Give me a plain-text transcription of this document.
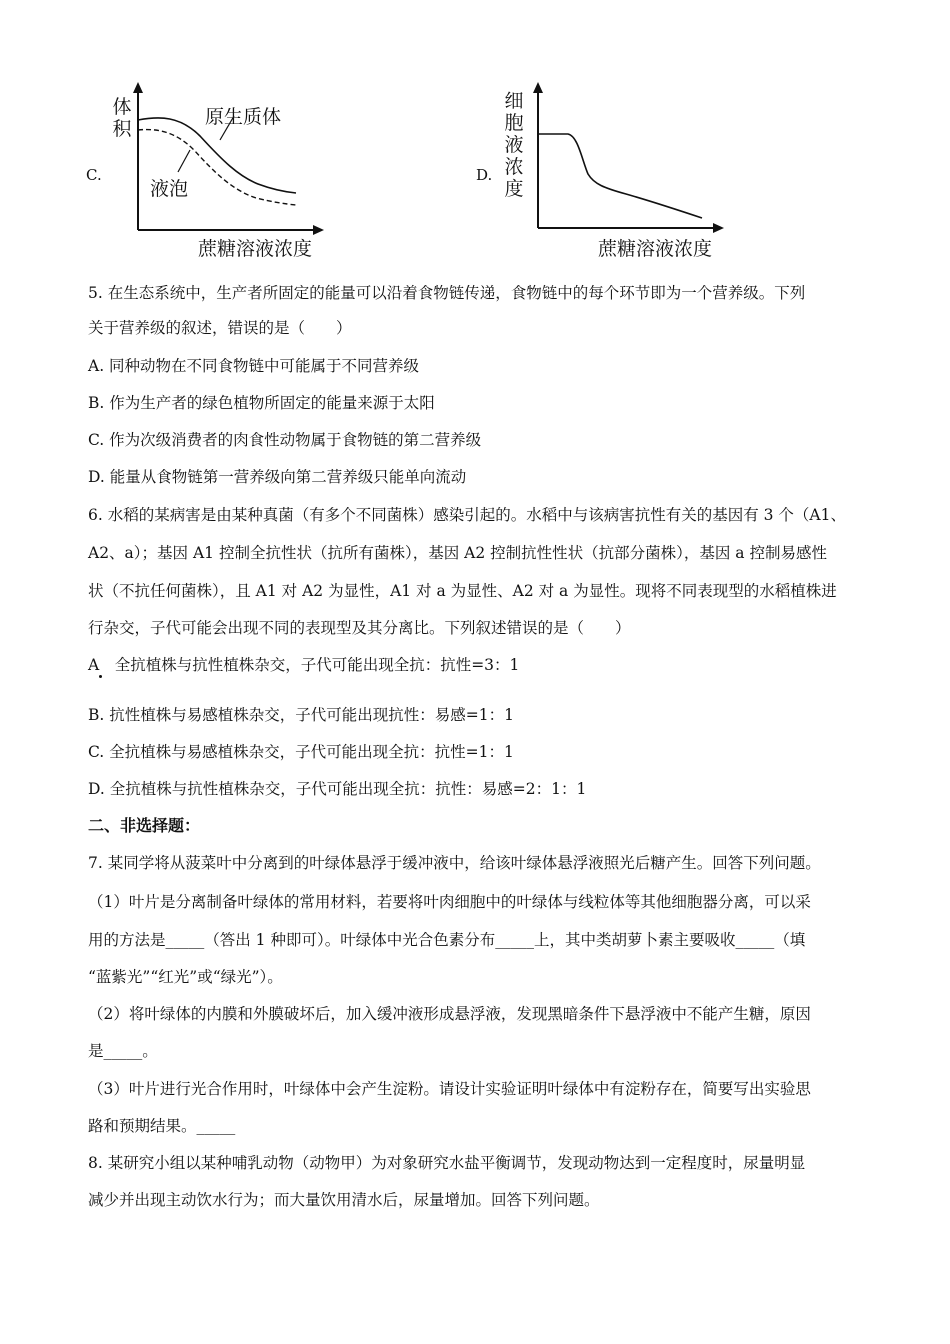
C.
体积
原生质体
液泡
蔗糖溶液浓度
D.
细胞液浓度
蔗糖溶液浓度
5. 在生态系统中，生产者所固定的能量可以沿着食物链传递，食物链中的每个环节即为一个营养级。下列
关于营养级的叙述，错误的是（　　）
A. 同种动物在不同食物链中可能属于不同营养级
B. 作为生产者的绿色植物所固定的能量来源于太阳
C. 作为次级消费者的肉食性动物属于食物链的第二营养级
D. 能量从食物链第一营养级向第二营养级只能单向流动
6. 水稻的某病害是由某种真菌（有多个不同菌株）感染引起的。水稻中与该病害抗性有关的基因有 3 个（A1、
A2、a）；基因 A1 控制全抗性状（抗所有菌株），基因 A2 控制抗性性状（抗部分菌株），基因 a 控制易感性
状（不抗任何菌株），且 A1 对 A2 为显性，A1 对 a 为显性、A2 对 a 为显性。现将不同表现型的水稻植株进
行杂交，子代可能会出现不同的表现型及其分离比。下列叙述错误的是（　　）
A　全抗植株与抗性植株杂交，子代可能出现全抗：抗性=3：1
B. 抗性植株与易感植株杂交，子代可能出现抗性：易感=1：1
C. 全抗植株与易感植株杂交，子代可能出现全抗：抗性=1：1
D. 全抗植株与抗性植株杂交，子代可能出现全抗：抗性：易感=2：1：1
二、非选择题：
7. 某同学将从菠菜叶中分离到的叶绿体悬浮于缓冲液中，给该叶绿体悬浮液照光后糖产生。回答下列问题。
（1）叶片是分离制备叶绿体的常用材料，若要将叶肉细胞中的叶绿体与线粒体等其他细胞器分离，可以采
用的方法是_____（答出 1 种即可）。叶绿体中光合色素分布_____上，其中类胡萝卜素主要吸收_____（填
“蓝紫光”“红光”或“绿光”）。
（2）将叶绿体的内膜和外膜破坏后，加入缓冲液形成悬浮液，发现黑暗条件下悬浮液中不能产生糖，原因
是_____。
（3）叶片进行光合作用时，叶绿体中会产生淀粉。请设计实验证明叶绿体中有淀粉存在，简要写出实验思
路和预期结果。_____
8. 某研究小组以某种哺乳动物（动物甲）为对象研究水盐平衡调节，发现动物达到一定程度时，尿量明显
减少并出现主动饮水行为；而大量饮用清水后，尿量增加。回答下列问题。
